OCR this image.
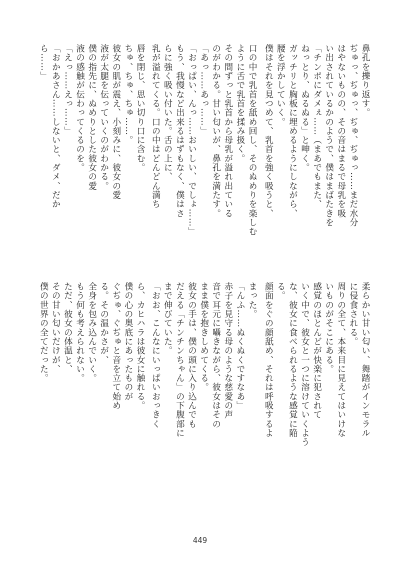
鼻孔を擽り返す。
ぢゅっ、ぢゅっ、ぢゅ、ぢゅっ……まだ水分
はやないものの、その音はまるで母乳を吸
い出されているかのようで、僕はまばたきを
「チンポにダメぇ……（まあでもまた、
ねっとり、ぬるぬる」と呻く。
ガッチリと胸板に埋めるようにしながら、
腰を浮かしていく。
僕はそれを見つめて、乳首を強く吸うと、
口の中で乳首を舐め回し、そのぬめりを楽しむ
ように舌で乳首を揉み扱く。
その間ずっと乳首から母乳が溢れ出ている
のがわかる。甘い匂いが、鼻孔を満たす。
「あっ……あっ……」
「おっぱい、んっ……おいしい、でしょ……」
もう、我慢など出来るはずもなく、僕はさ
らに強く吸い付いた。舌の上に、
乳が溢れてくる。口の中はどんどん満ち
唇を閉じ、思い切り口に含む。
ちゅ、ちゅ、ちゅ……。
彼女の肌が震え、小刻みに、彼女の愛
液が太腿を伝っていくのがわかる。
僕の指先に、ぬめりとした彼女の愛
液の感触が伝わってくるのを。
「えっ……えっ……」
「おかあさん……しないと、ダメ、だか
ら……」
柔らかい甘い匂い、舞踏がインモラル
に侵食される。
周りの全て、本来目に見えてはいけな
いものがそこにある。
感覚のほとんどが快楽に犯されて
いく中で、彼女と一つに溶けていくよう
な、彼女に食べられるような感覚に陥
る。
顔面をぐの顔舐め、それは呼吸するよ
まった。
「んふ……ぬくぬくですなあ」
赤子を見守る母のような慈愛の声
音で耳元に囁きながら、彼女はその
まま僕を抱きしめてくる。
彼女の手は、僕の頭に入り込んでも
だえる「チンチンちゃん」の下腹部に
まで伸びていた。
「おお、こんなにいっぱいおっきく
ら、カヒハラは彼女に触れる。
僕の心の奥底にあったものが
ぐぢゅ、ぐぢゅと音を立て始め
る。その温かさが、
全身を包み込んでいく。
もう何も考えられない。
ただ、彼女の体温と、
その甘い匂いだけが、
僕の世界の全てだった。
449
